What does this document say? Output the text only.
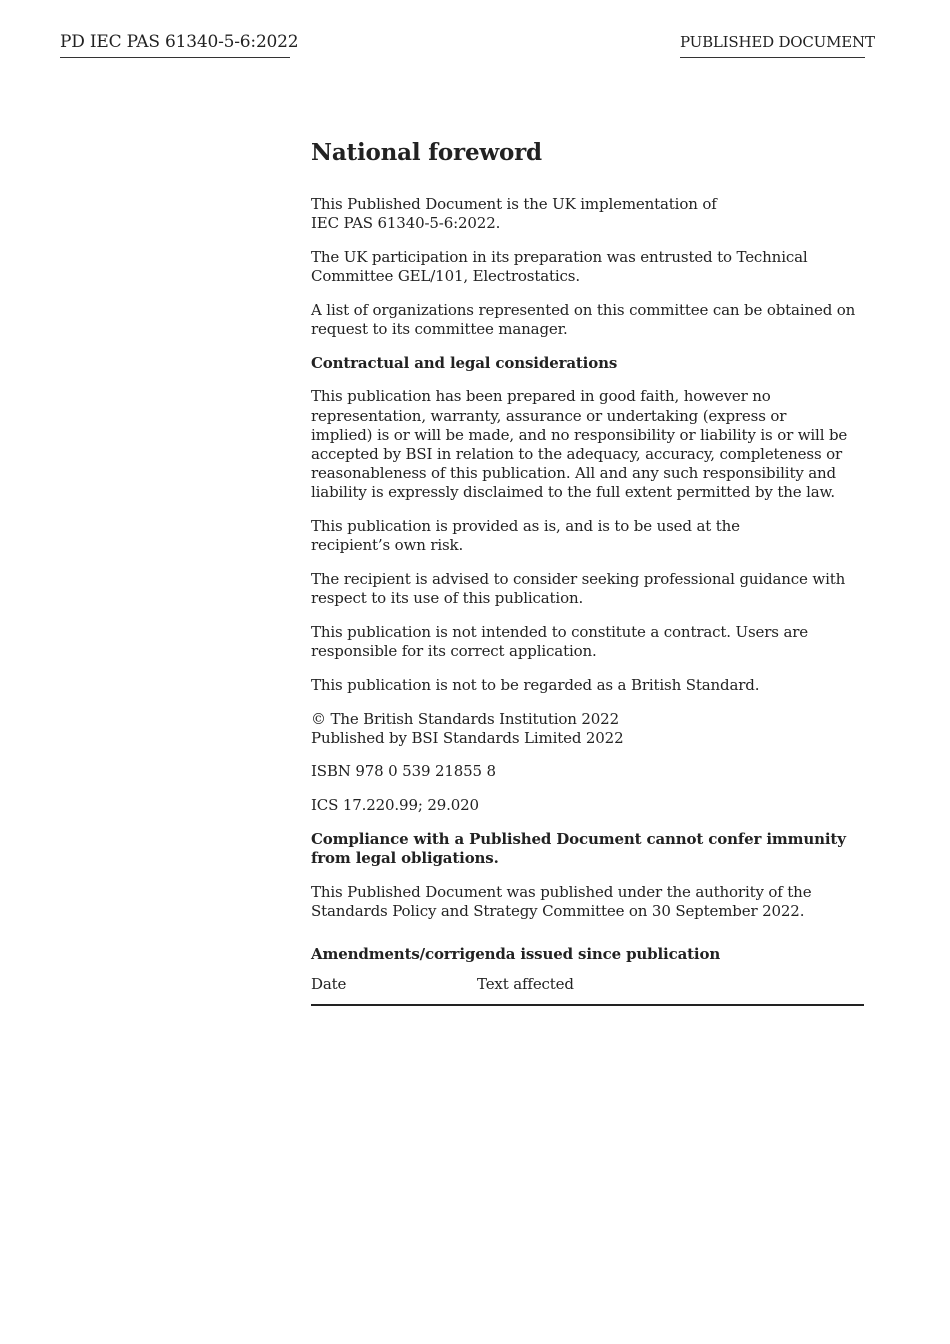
PD IEC PAS 61340-5-6:2022	PUBLISHED DOCUMENT
National foreword
This Published Document is the UK implementation of
IEC PAS 61340-5-6:2022.
The UK participation in its preparation was entrusted to Technical
Committee GEL/101, Electrostatics.
A list of organizations represented on this committee can be obtained on
request to its committee manager.
Contractual and legal considerations
This publication has been prepared in good faith, however no
representation, warranty, assurance or undertaking (express or
implied) is or will be made, and no responsibility or liability is or will be
accepted by BSI in relation to the adequacy, accuracy, completeness or
reasonableness of this publication. All and any such responsibility and
liability is expressly disclaimed to the full extent permitted by the law.
This publication is provided as is, and is to be used at the
recipient’s own risk.
The recipient is advised to consider seeking professional guidance with
respect to its use of this publication.
This publication is not intended to constitute a contract. Users are
responsible for its correct application.
This publication is not to be regarded as a British Standard.
© The British Standards Institution 2022
Published by BSI Standards Limited 2022
ISBN 978 0 539 21855 8
ICS 17.220.99; 29.020
Compliance with a Published Document cannot confer immunity
from legal obligations.
This Published Document was published under the authority of the
Standards Policy and Strategy Committee on 30 September 2022.
Amendments/corrigenda issued since publication
Date	Text affected
